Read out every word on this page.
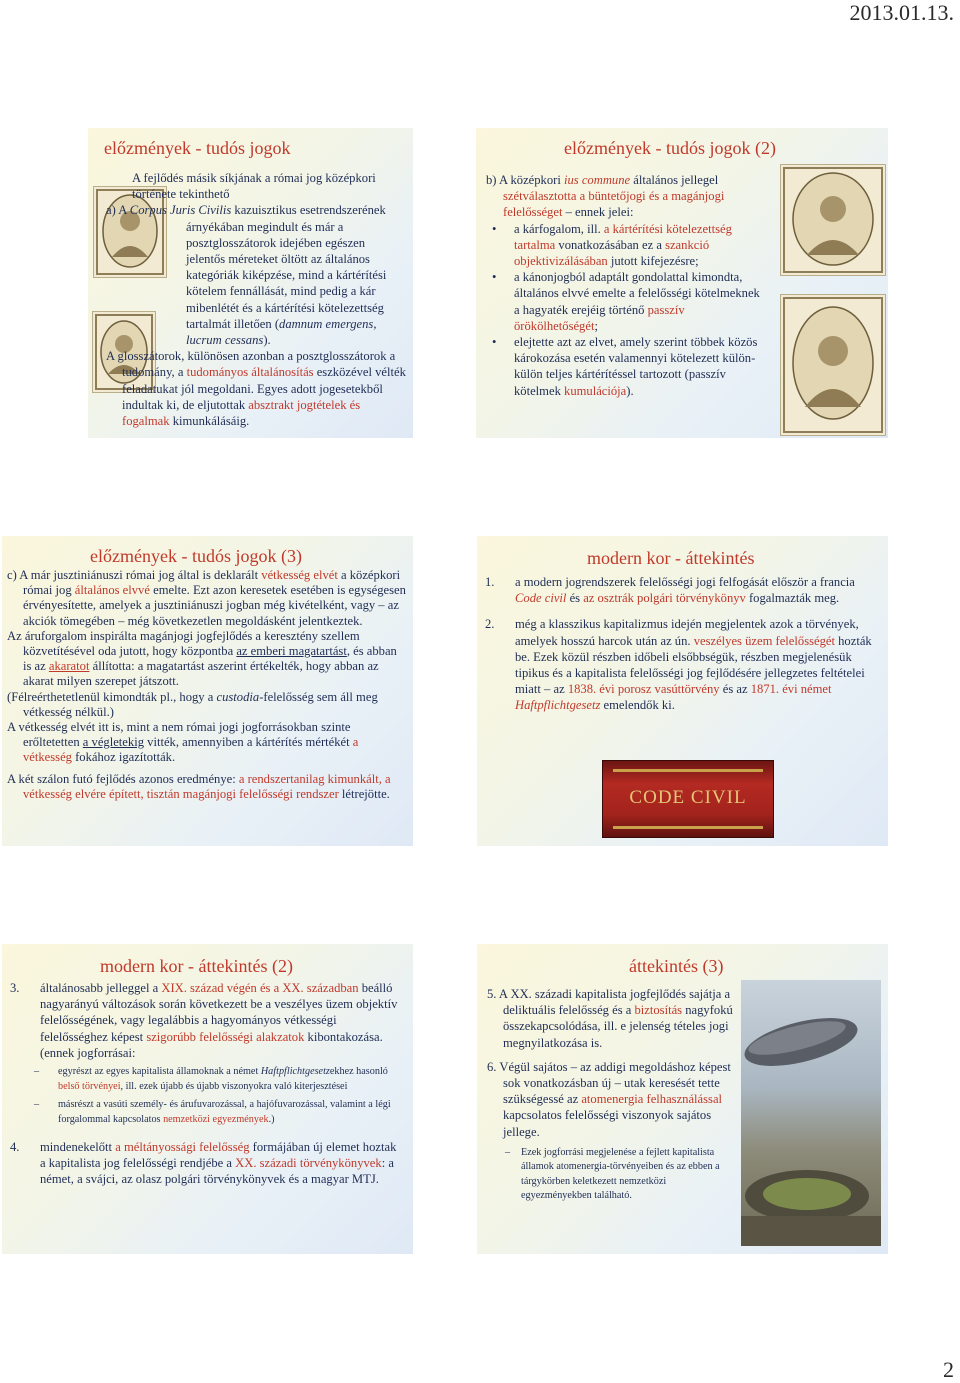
2013.01.13.
előzmények - tudós jogok
A fejlődés másik síkjának a római jog középkori története tekinthető
a) A Corpus Juris Civilis kazuisztikus esetrendszerének árnyékában megindult és már a posztglosszátorok idejében egészen jelentős méreteket öltött az általános kategóriák kiképzése, mind a kártérítési kötelem fennállását, mind pedig a kár mibenlétét és a kártérítési kötelezettség tartalmát illetően (damnum emergens, lucrum cessans).
A glosszátorok, különösen azonban a posztglosszátorok a tudomány, a tudományos általánosítás eszközével vélték feladatukat jól megoldani. Egyes adott jogesetekből indultak ki, de eljutottak absztrakt jogtételek és fogalmak kimunkálásáig.
előzmények - tudós jogok (2)
b) A középkori ius commune általános jellegel szétválasztotta a büntetőjogi és a magánjogi felelősséget – ennek jelei:
• a kárfogalom, ill. a kártérítési kötelezettség tartalma vonatkozásában ez a szankció objektivizálásában jutott kifejezésre;
• a kánonjogból adaptált gondolattal kimondta, általános elvvé emelte a felelősségi kötelmeknek a hagyaték erejéig történő passzív örökölhetőségét;
• elejtette azt az elvet, amely szerint többek közös károkozása esetén valamennyi kötelezett külön-külön teljes kártérítéssel tartozott (passzív kötelmek kumulációja).
előzmények - tudós jogok (3)
c) A már jusztiniánuszi római jog által is deklarált vétkesség elvét a középkori római jog általános elvvé emelte. Ezt azon keresetek esetében is egységesen érvényesítette, amelyek a jusztiniánuszi jogban még kivételként, vagy – az akciók tömegében – még következetlen megoldásként jelentkeztek.
Az áruforgalom inspirálta magánjogi jogfejlődés a keresztény szellem közvetítésével oda jutott, hogy központba az emberi magatartást, és abban is az akaratot állította: a magatartást aszerint értékelték, hogy abban az akarat milyen szerepet játszott.
(Félreérthetetlenül kimondták pl., hogy a custodia-felelősség sem áll meg vétkesség nélkül.)
A vétkesség elvét itt is, mint a nem római jogi jogforrásokban szinte erőltetetten a végletekig vitték, amennyiben a kártérítés mértékét a vétkesség fokához igazították.
A két szálon futó fejlődés azonos eredménye: a rendszertanilag kimunkált, a vétkesség elvére épített, tisztán magánjogi felelősségi rendszer létrejötte.
modern kor - áttekintés
1. a modern jogrendszerek felelősségi jogi felfogását először a francia Code civil és az osztrák polgári törvénykönyv fogalmazták meg.
2. még a klasszikus kapitalizmus idején megjelentek azok a törvények, amelyek hosszú harcok után az ún. veszélyes üzem felelősségét hozták be. Ezek közül részben időbeli elsőbbségük, részben megjelenésük tipikus és a kapitalista felelősségi jog fejlődésére jellegzetes feltételei miatt – az 1838. évi porosz vasúttörvény és az 1871. évi német Haftpflichtgesetz emelendők ki.
CODE CIVIL
modern kor - áttekintés (2)
3. általánosabb jelleggel a XIX. század végén és a XX. században beálló nagyarányú változások során következett be a veszélyes üzem objektív felelősségének, vagy legalábbis a hagyományos vétkességi felelősséghez képest szigorúbb felelősségi alakzatok kibontakozása. (ennek jogforrásai:
– egyrészt az egyes kapitalista államoknak a német Haftpflichtgesetzekhez hasonló belső törvényei, ill. ezek újabb és újabb viszonyokra való kiterjesztései
– másrészt a vasúti személy- és árufuvarozással, a hajófuvarozással, valamint a légi forgalommal kapcsolatos nemzetközi egyezmények.)
4. mindenekelőtt a méltányossági felelősség formájában új elemet hoztak a kapitalista jog felelősségi rendjébe a XX. századi törvénykönyvek: a német, a svájci, az olasz polgári törvénykönyvek és a magyar MTJ.
áttekintés (3)
5. A XX. századi kapitalista jogfejlődés sajátja a deliktuális felelősség és a biztosítás nagyfokú összekapcsolódása, ill. e jelenség tételes jogi megnyilatkozása is.
6. Végül sajátos – az addigi megoldáshoz képest sok vonatkozásban új – utak keresését tette szükségessé az atomenergia felhasználással kapcsolatos felelősségi viszonyok sajátos jellege.
– Ezek jogforrási megjelenése a fejlett kapitalista államok atomenergia-törvényeiben és az ebben a tárgykörben keletkezett nemzetközi egyezményekben található.
2
